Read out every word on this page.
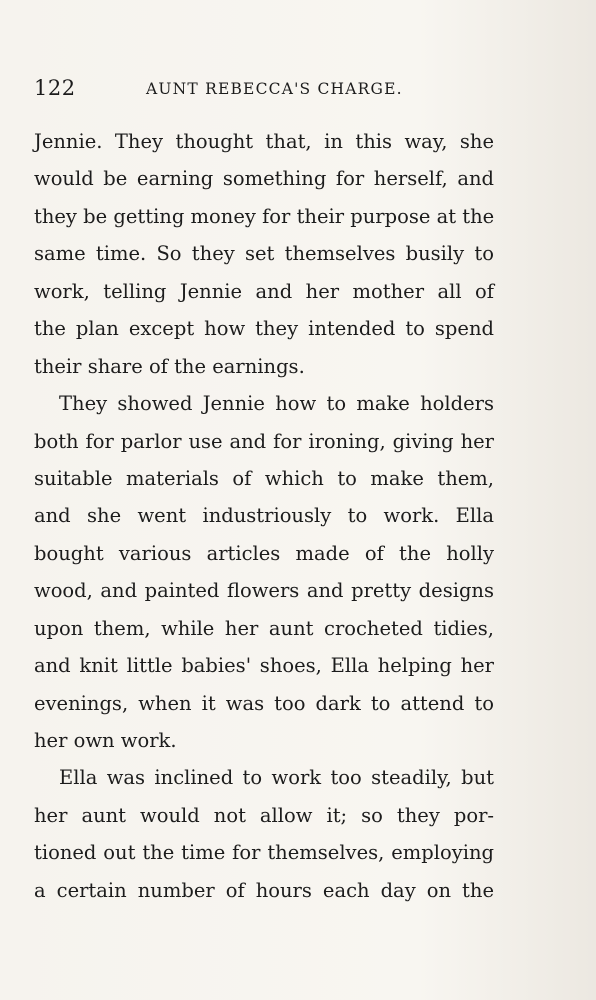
122	AUNT REBECCA'S CHARGE.
Jennie. They thought that, in this way, she
would be earning something for herself, and
they be getting money for their purpose at the
same time. So they set themselves busily to
work, telling Jennie and her mother all of
the plan except how they intended to spend
their share of the earnings.
They showed Jennie how to make holders
both for parlor use and for ironing, giving her
suitable materials of which to make them,
and she went industriously to work. Ella
bought various articles made of the holly
wood, and painted flowers and pretty designs
upon them, while her aunt crocheted tidies,
and knit little babies' shoes, Ella helping her
evenings, when it was too dark to attend to
her own work.
Ella was inclined to work too steadily, but
her aunt would not allow it; so they por-
tioned out the time for themselves, employing
a certain number of hours each day on the
